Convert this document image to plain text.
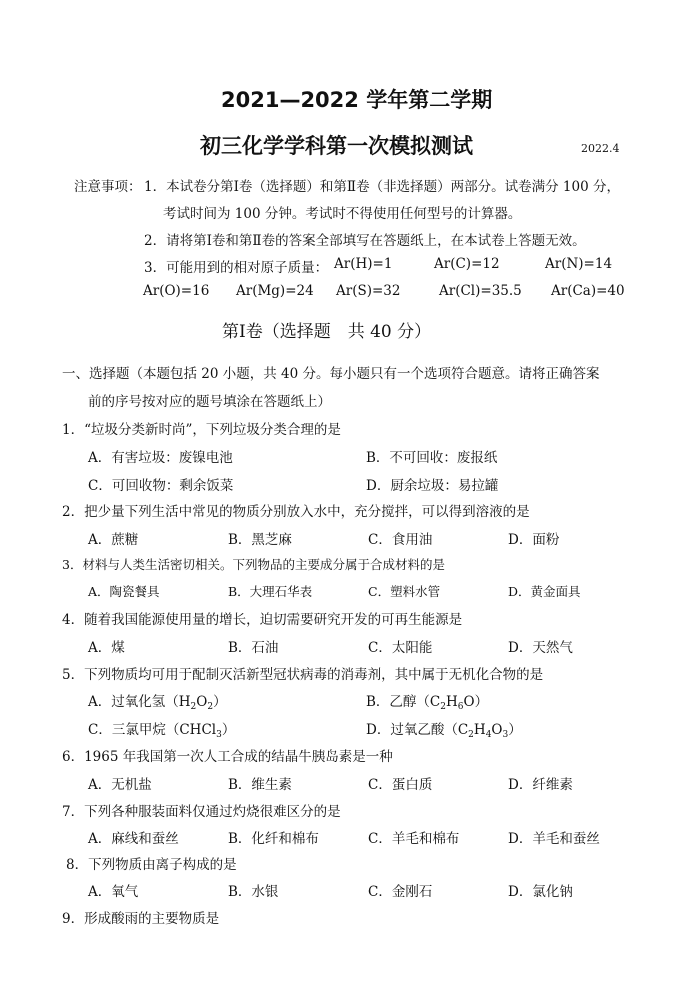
2021—2022 学年第二学期
初三化学学科第一次模拟测试	2022.4
注意事项： 1．本试卷分第Ⅰ卷（选择题）和第Ⅱ卷（非选择题）两部分。试卷满分 100 分，
考试时间为 100 分钟。考试时不得使用任何型号的计算器。
2．请将第Ⅰ卷和第Ⅱ卷的答案全部填写在答题纸上，在本试卷上答题无效。
3．可能用到的相对原子质量： Ar(H)=1	Ar(C)=12	Ar(N)=14
Ar(O)=16 Ar(Mg)=24 Ar(S)=32	Ar(Cl)=35.5 Ar(Ca)=40
第Ⅰ卷（选择题　共 40 分）
一、选择题（本题包括 20 小题，共 40 分。每小题只有一个选项符合题意。请将正确答案
前的序号按对应的题号填涂在答题纸上）
1．“垃圾分类新时尚”，下列垃圾分类合理的是
A．有害垃圾：废镍电池	B．不可回收：废报纸
C．可回收物：剩余饭菜	D．厨余垃圾：易拉罐
2．把少量下列生活中常见的物质分别放入水中，充分搅拌，可以得到溶液的是
A．蔗糖	B．黑芝麻	C．食用油	D．面粉
3．材料与人类生活密切相关。下列物品的主要成分属于合成材料的是
A．陶瓷餐具	B．大理石华表	C．塑料水管	D．黄金面具
4．随着我国能源使用量的增长，迫切需要研究开发的可再生能源是
A．煤	B．石油	C．太阳能	D．天然气
5．下列物质均可用于配制灭活新型冠状病毒的消毒剂，其中属于无机化合物的是
A．过氧化氢$(H_2O_2)$	B．乙醇$(C_2H_6O)$
C．三氯甲烷（CHCl$_3$）	D．过氧乙酸$(C_2H_4O_3)$
6．1965 年我国第一次人工合成的结晶牛胰岛素是一种
A．无机盐	B．维生素	C．蛋白质	D．纤维素
7．下列各种服装面料仅通过灼烧很难区分的是
A．麻线和蚕丝	B．化纤和棉布	C．羊毛和棉布	D．羊毛和蚕丝
8．下列物质由离子构成的是
A．氧气	B．水银	C．金刚石	D．氯化钠
9．形成酸雨的主要物质是
